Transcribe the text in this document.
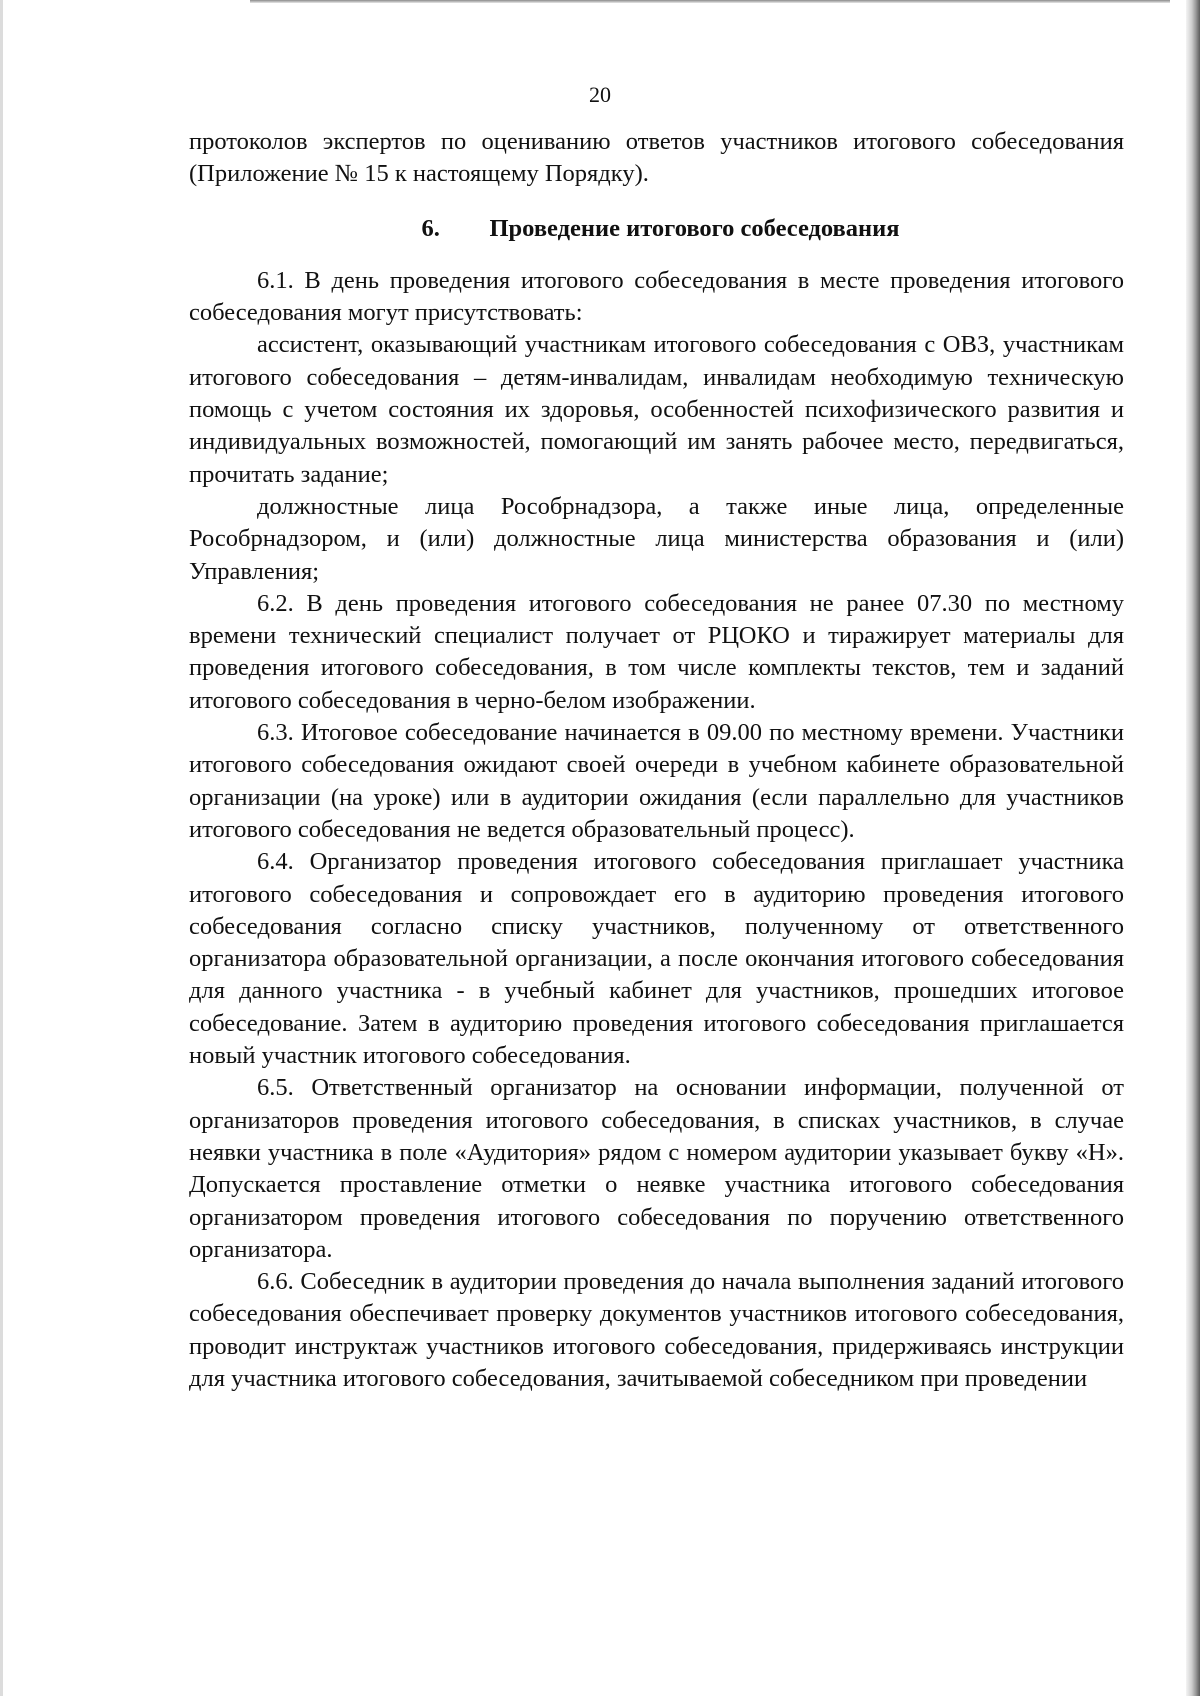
20

протоколов экспертов по оцениванию ответов участников итогового собеседования (Приложение № 15 к настоящему Порядку).

6. Проведение итогового собеседования

6.1. В день проведения итогового собеседования в месте проведения итогового собеседования могут присутствовать:

ассистент, оказывающий участникам итогового собеседования с ОВЗ, участникам итогового собеседования – детям-инвалидам, инвалидам необходимую техническую помощь с учетом состояния их здоровья, особенностей психофизического развития и индивидуальных возможностей, помогающий им занять рабочее место, передвигаться, прочитать задание;

должностные лица Рособрнадзора, а также иные лица, определенные Рособрнадзором, и (или) должностные лица министерства образования и (или) Управления;

6.2. В день проведения итогового собеседования не ранее 07.30 по местному времени технический специалист получает от РЦОКО и тиражирует материалы для проведения итогового собеседования, в том числе комплекты текстов, тем и заданий итогового собеседования в черно-белом изображении.

6.3. Итоговое собеседование начинается в 09.00 по местному времени. Участники итогового собеседования ожидают своей очереди в учебном кабинете образовательной организации (на уроке) или в аудитории ожидания (если параллельно для участников итогового собеседования не ведется образовательный процесс).

6.4. Организатор проведения итогового собеседования приглашает участника итогового собеседования и сопровождает его в аудиторию проведения итогового собеседования согласно списку участников, полученному от ответственного организатора образовательной организации, а после окончания итогового собеседования для данного участника - в учебный кабинет для участников, прошедших итоговое собеседование. Затем в аудиторию проведения итогового собеседования приглашается новый участник итогового собеседования.

6.5. Ответственный организатор на основании информации, полученной от организаторов проведения итогового собеседования, в списках участников, в случае неявки участника в поле «Аудитория» рядом с номером аудитории указывает букву «Н». Допускается проставление отметки о неявке участника итогового собеседования организатором проведения итогового собеседования по поручению ответственного организатора.

6.6. Собеседник в аудитории проведения до начала выполнения заданий итогового собеседования обеспечивает проверку документов участников итогового собеседования, проводит инструктаж участников итогового собеседования, придерживаясь инструкции для участника итогового собеседования, зачитываемой собеседником при проведении
